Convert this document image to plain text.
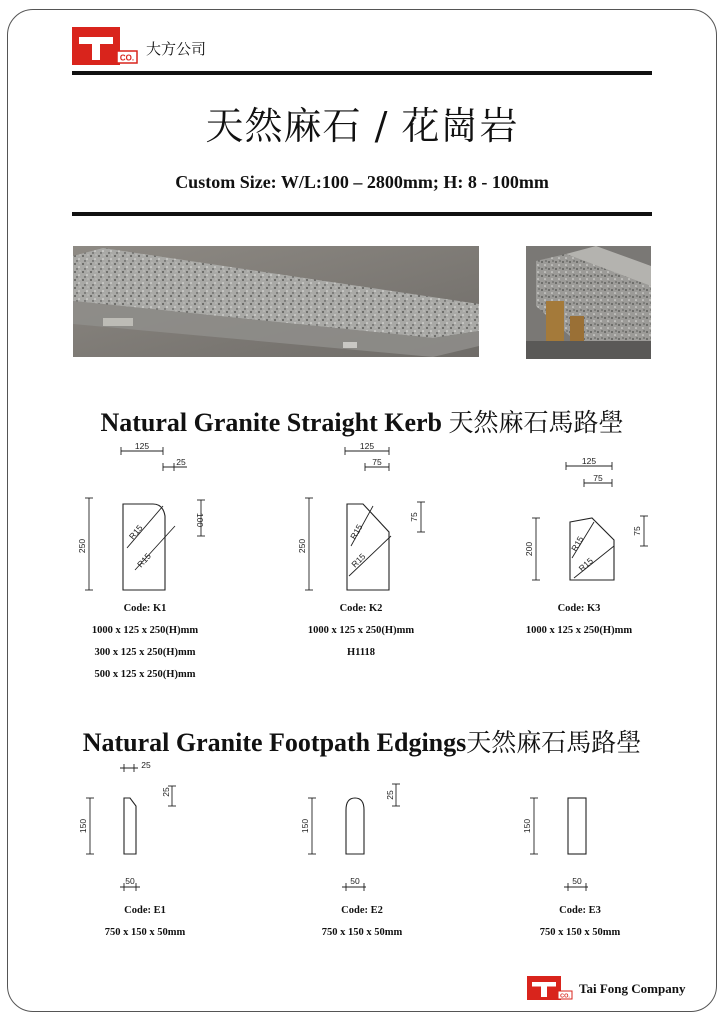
CO. 大方公司
天然麻石 / 花崗岩
Custom Size: W/L:100 – 2800mm; H: 8 - 100mm
Natural Granite Straight Kerb 天然麻石馬路壆
125
25
250
100
R15
R15
125
75
250
75
R15
R15
125
75
200
75
R15
R15
Code: K1
1000 x 125 x 250(H)mm
300 x 125 x 250(H)mm
500 x 125 x 250(H)mm
Code: K2
1000 x 125 x 250(H)mm
H1118
Code: K3
1000 x 125 x 250(H)mm
Natural Granite Footpath Edgings天然麻石馬路壆
25
25
150
50
25
150
50
150
50
Code: E1
750 x 150 x 50mm
Code: E2
750 x 150 x 50mm
Code: E3
750 x 150 x 50mm
CO.
Tai Fong Company
